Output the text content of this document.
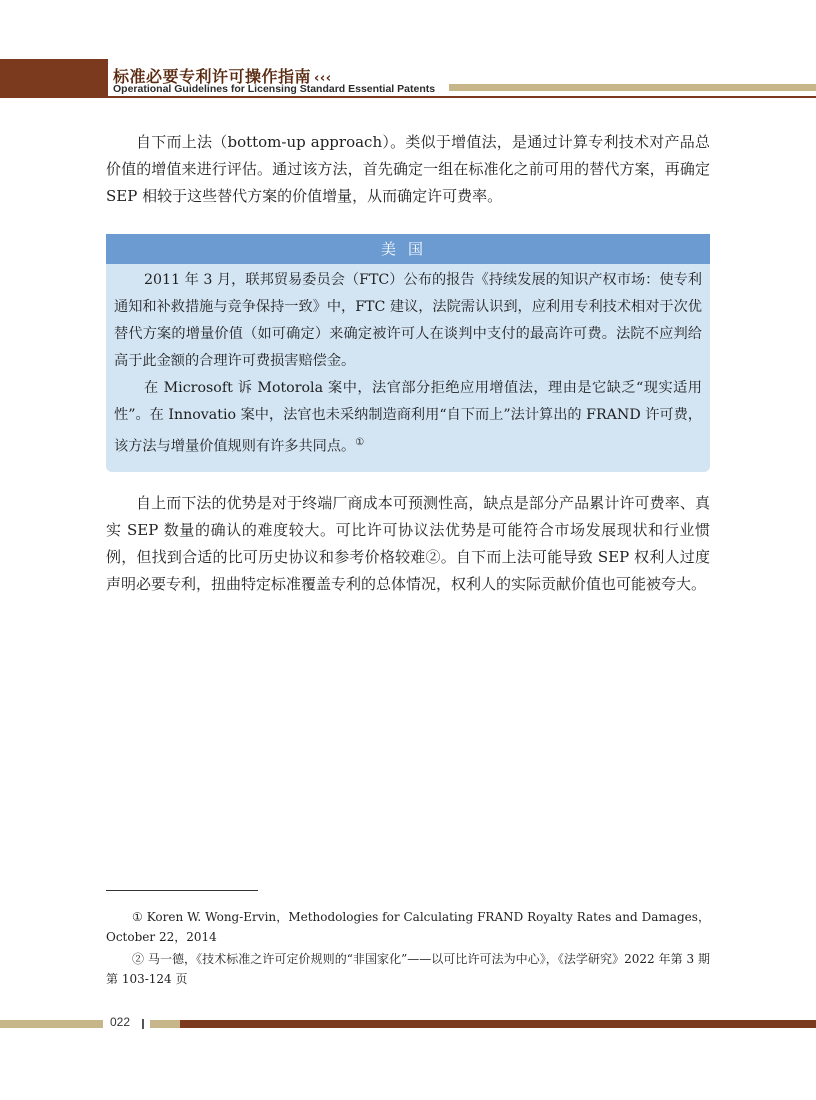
标准必要专利许可操作指南 ‹‹‹
Operational Guidelines for Licensing Standard Essential Patents

自下而上法（bottom-up approach）。类似于增值法，是通过计算专利技术对产品总价值的增值来进行评估。通过该方法，首先确定一组在标准化之前可用的替代方案，再确定 SEP 相较于这些替代方案的价值增量，从而确定许可费率。

美国

2011 年 3 月，联邦贸易委员会（FTC）公布的报告《持续发展的知识产权市场：使专利通知和补救措施与竞争保持一致》中，FTC 建议，法院需认识到，应利用专利技术相对于次优替代方案的增量价值（如可确定）来确定被许可人在谈判中支付的最高许可费。法院不应判给高于此金额的合理许可费损害赔偿金。

在 Microsoft 诉 Motorola 案中，法官部分拒绝应用增值法，理由是它缺乏“现实适用性”。在 Innovatio 案中，法官也未采纳制造商利用“自下而上”法计算出的 FRAND 许可费，该方法与增量价值规则有许多共同点。①

自上而下法的优势是对于终端厂商成本可预测性高，缺点是部分产品累计许可费率、真实 SEP 数量的确认的难度较大。可比许可协议法优势是可能符合市场发展现状和行业惯例，但找到合适的比可历史协议和参考价格较难②。自下而上法可能导致 SEP 权利人过度声明必要专利，扭曲特定标准覆盖专利的总体情况，权利人的实际贡献价值也可能被夸大。

① Koren W. Wong-Ervin，Methodologies for Calculating FRAND Royalty Rates and Damages，October 22，2014

② 马一德，《技术标准之许可定价规则的“非国家化”——以可比许可法为中心》，《法学研究》2022 年第 3 期第 103-124 页

022
